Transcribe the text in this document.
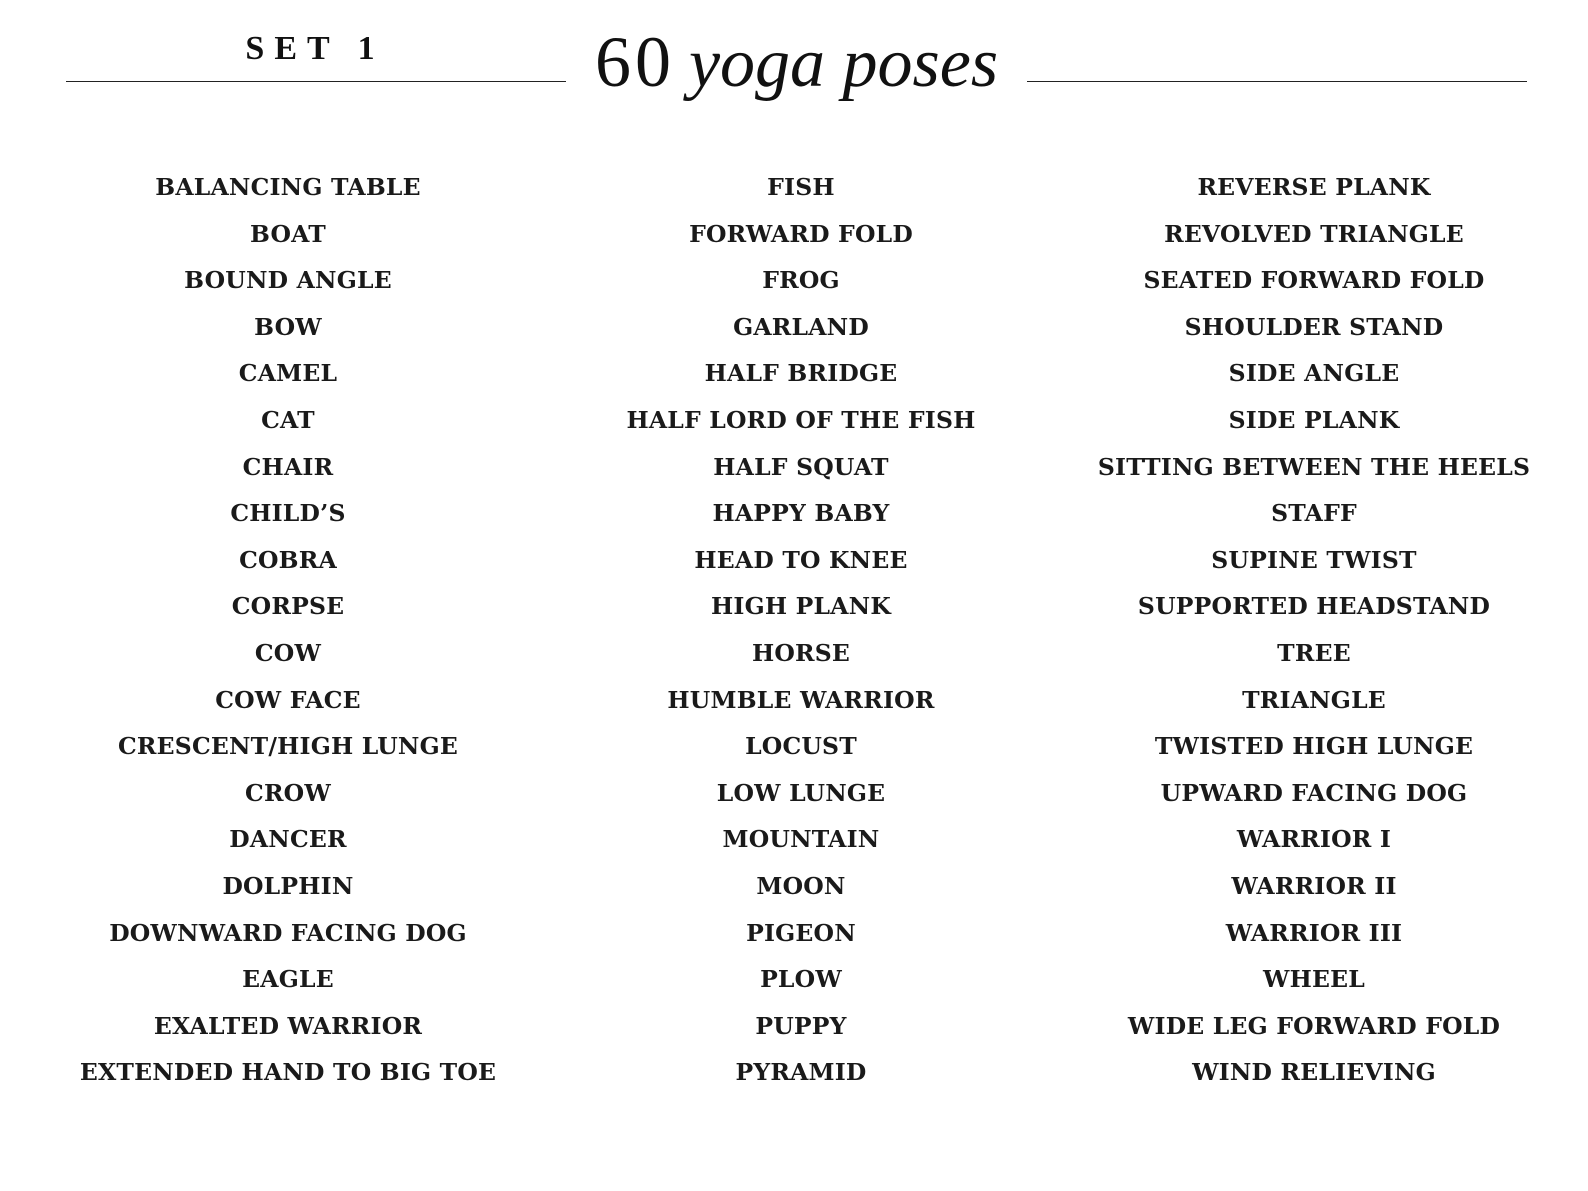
SET 1	60 yoga poses
BALANCING TABLE
BOAT
BOUND ANGLE
BOW
CAMEL
CAT
CHAIR
CHILD’S
COBRA
CORPSE
COW
COW FACE
CRESCENT/HIGH LUNGE
CROW
DANCER
DOLPHIN
DOWNWARD FACING DOG
EAGLE
EXALTED WARRIOR
EXTENDED HAND TO BIG TOE
FISH
FORWARD FOLD
FROG
GARLAND
HALF BRIDGE
HALF LORD OF THE FISH
HALF SQUAT
HAPPY BABY
HEAD TO KNEE
HIGH PLANK
HORSE
HUMBLE WARRIOR
LOCUST
LOW LUNGE
MOUNTAIN
MOON
PIGEON
PLOW
PUPPY
PYRAMID
REVERSE PLANK
REVOLVED TRIANGLE
SEATED FORWARD FOLD
SHOULDER STAND
SIDE ANGLE
SIDE PLANK
SITTING BETWEEN THE HEELS
STAFF
SUPINE TWIST
SUPPORTED HEADSTAND
TREE
TRIANGLE
TWISTED HIGH LUNGE
UPWARD FACING DOG
WARRIOR I
WARRIOR II
WARRIOR III
WHEEL
WIDE LEG FORWARD FOLD
WIND RELIEVING
